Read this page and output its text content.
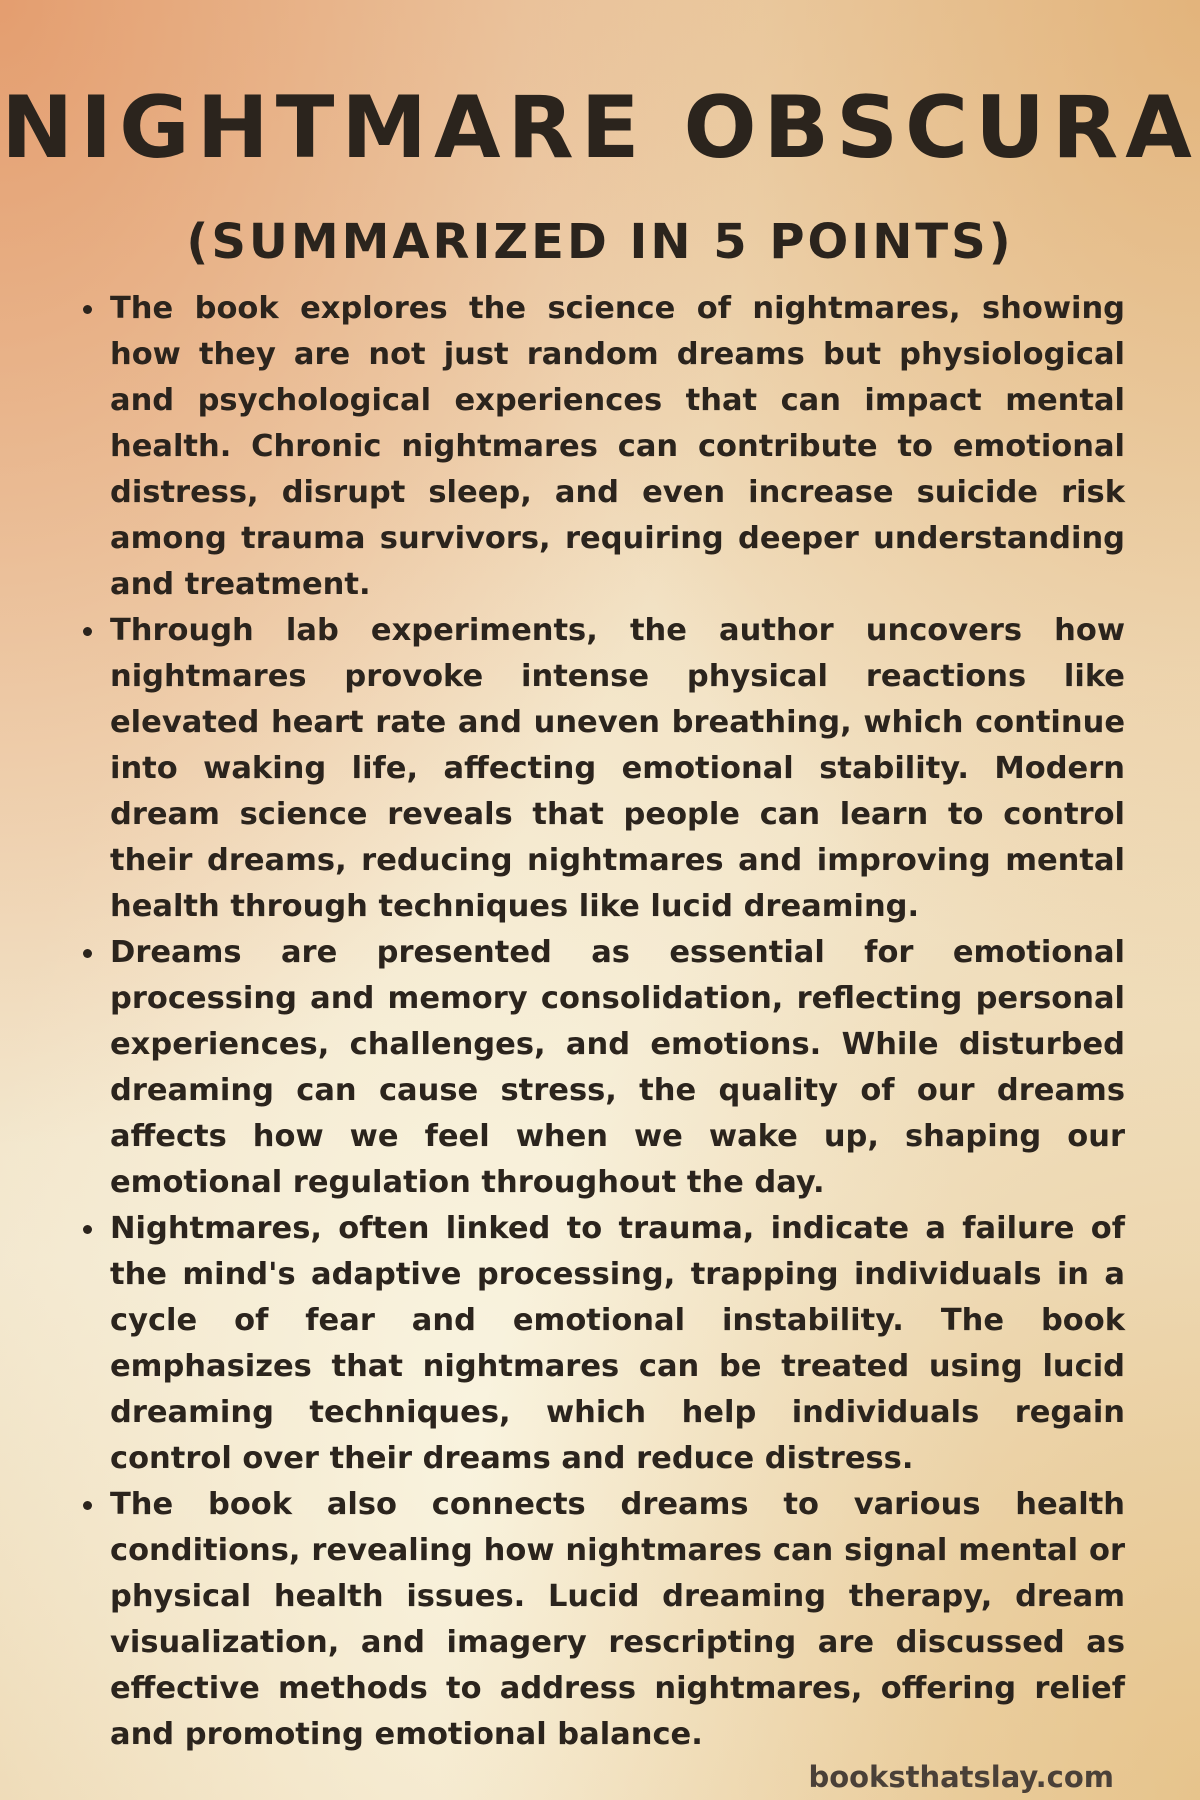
NIGHTMARE OBSCURA
(SUMMARIZED IN 5 POINTS)
The book explores the science of nightmares, showing how they are not just random dreams but physiological and psychological experiences that can impact mental health. Chronic nightmares can contribute to emotional distress, disrupt sleep, and even increase suicide risk among trauma survivors, requiring deeper understanding and treatment.
Through lab experiments, the author uncovers how nightmares provoke intense physical reactions like elevated heart rate and uneven breathing, which continue into waking life, affecting emotional stability. Modern dream science reveals that people can learn to control their dreams, reducing nightmares and improving mental health through techniques like lucid dreaming.
Dreams are presented as essential for emotional processing and memory consolidation, reflecting personal experiences, challenges, and emotions. While disturbed dreaming can cause stress, the quality of our dreams affects how we feel when we wake up, shaping our emotional regulation throughout the day.
Nightmares, often linked to trauma, indicate a failure of the mind's adaptive processing, trapping individuals in a cycle of fear and emotional instability. The book emphasizes that nightmares can be treated using lucid dreaming techniques, which help individuals regain control over their dreams and reduce distress.
The book also connects dreams to various health conditions, revealing how nightmares can signal mental or physical health issues. Lucid dreaming therapy, dream visualization, and imagery rescripting are discussed as effective methods to address nightmares, offering relief and promoting emotional balance.
booksthatslay.com
